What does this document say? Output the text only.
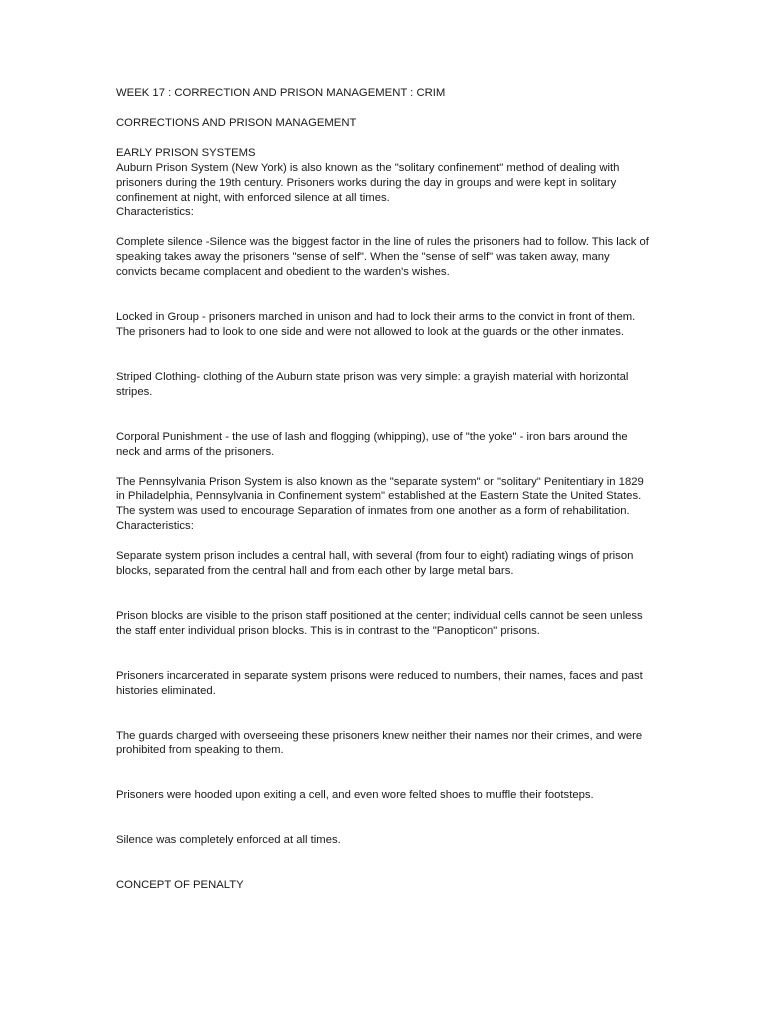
WEEK 17 : CORRECTION AND PRISON MANAGEMENT : CRIM

CORRECTIONS AND PRISON MANAGEMENT

EARLY PRISON SYSTEMS

Auburn Prison System (New York) is also known as the "solitary confinement" method of dealing with prisoners during the 19th century. Prisoners works during the day in groups and were kept in solitary confinement at night, with enforced silence at all times.

Characteristics:

Complete silence -Silence was the biggest factor in the line of rules the prisoners had to follow. This lack of speaking takes away the prisoners "sense of self". When the "sense of self" was taken away, many convicts became complacent and obedient to the warden's wishes.

Locked in Group - prisoners marched in unison and had to lock their arms to the convict in front of them. The prisoners had to look to one side and were not allowed to look at the guards or the other inmates.

Striped Clothing- clothing of the Auburn state prison was very simple: a grayish material with horizontal stripes.

Corporal Punishment - the use of lash and flogging (whipping), use of "the yoke" - iron bars around the neck and arms of the prisoners.

The Pennsylvania Prison System is also known as the "separate system" or "solitary" Penitentiary in 1829 in Philadelphia, Pennsylvania in Confinement system" established at the Eastern State the United States. The system was used to encourage Separation of inmates from one another as a form of rehabilitation.

Characteristics:

Separate system prison includes a central hall, with several (from four to eight) radiating wings of prison blocks, separated from the central hall and from each other by large metal bars.

Prison blocks are visible to the prison staff positioned at the center; individual cells cannot be seen unless the staff enter individual prison blocks. This is in contrast to the "Panopticon" prisons.

Prisoners incarcerated in separate system prisons were reduced to numbers, their names, faces and past histories eliminated.

The guards charged with overseeing these prisoners knew neither their names nor their crimes, and were prohibited from speaking to them.

Prisoners were hooded upon exiting a cell, and even wore felted shoes to muffle their footsteps.

Silence was completely enforced at all times.

CONCEPT OF PENALTY
